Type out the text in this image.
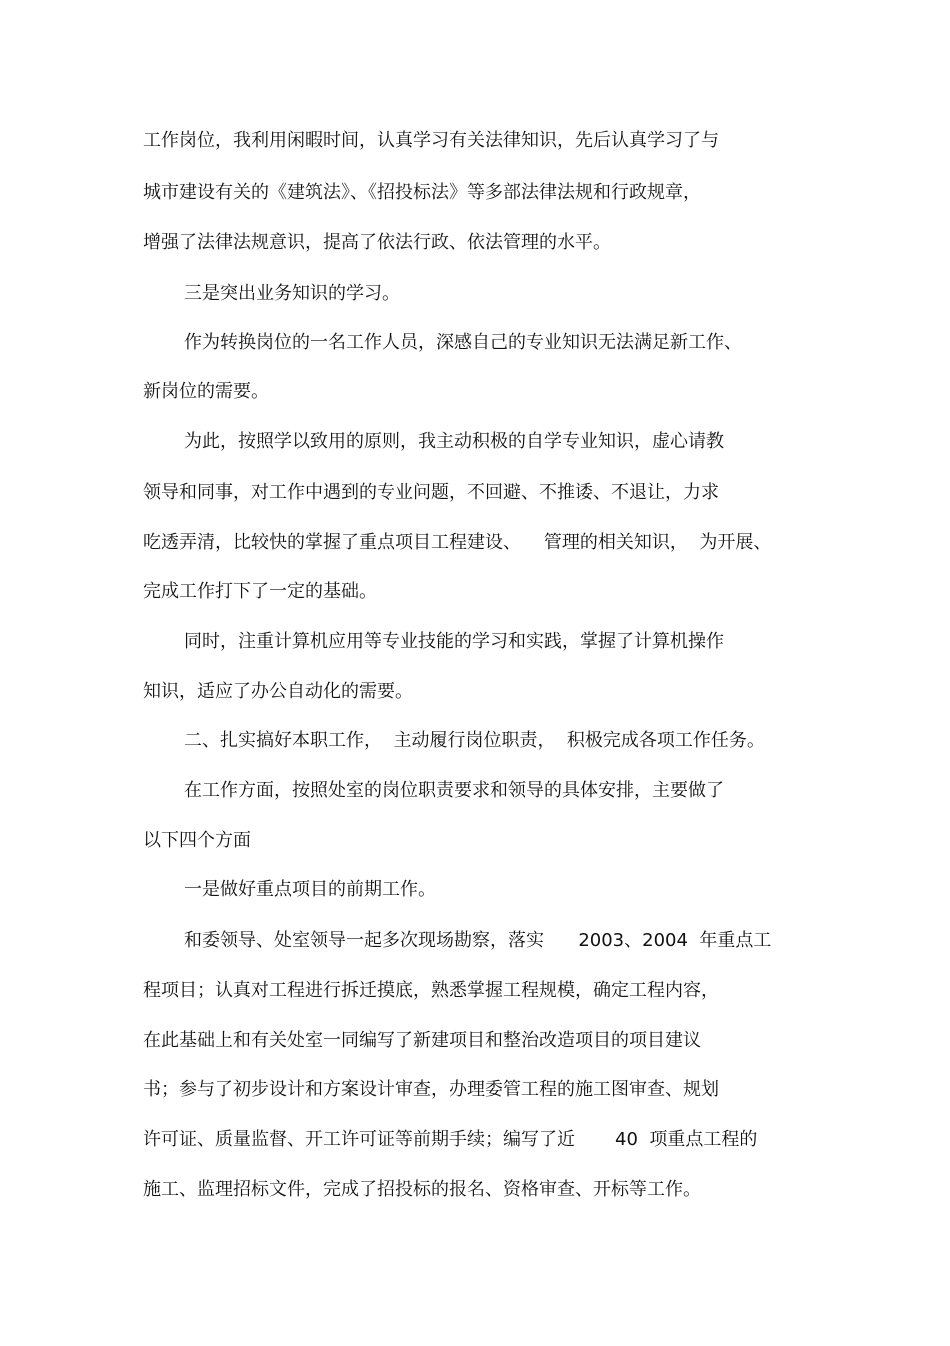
工作岗位，我利用闲暇时间，认真学习有关法律知识，先后认真学习了与
城市建设有关的《建筑法》、《招投标法》等多部法律法规和行政规章，
增强了法律法规意识，提高了依法行政、依法管理的水平。
三是突出业务知识的学习。
作为转换岗位的一名工作人员，深感自己的专业知识无法满足新工作、
新岗位的需要。
为此，按照学以致用的原则，我主动积极的自学专业知识，虚心请教
领导和同事，对工作中遇到的专业问题，不回避、不推诿、不退让，力求
吃透弄清，比较快的掌握了重点项目工程建设、    管理的相关知识，  为开展、
完成工作打下了一定的基础。
同时，注重计算机应用等专业技能的学习和实践，掌握了计算机操作
知识，适应了办公自动化的需要。
二、扎实搞好本职工作，  主动履行岗位职责，  积极完成各项工作任务。
在工作方面，按照处室的岗位职责要求和领导的具体安排，主要做了
以下四个方面
一是做好重点项目的前期工作。
和委领导、处室领导一起多次现场勘察，落实      2003、2004  年重点工
程项目；认真对工程进行拆迁摸底，熟悉掌握工程规模，确定工程内容，
在此基础上和有关处室一同编写了新建项目和整治改造项目的项目建议
书；参与了初步设计和方案设计审查，办理委管工程的施工图审查、规划
许可证、质量监督、开工许可证等前期手续；编写了近       40  项重点工程的
施工、监理招标文件，完成了招投标的报名、资格审查、开标等工作。
